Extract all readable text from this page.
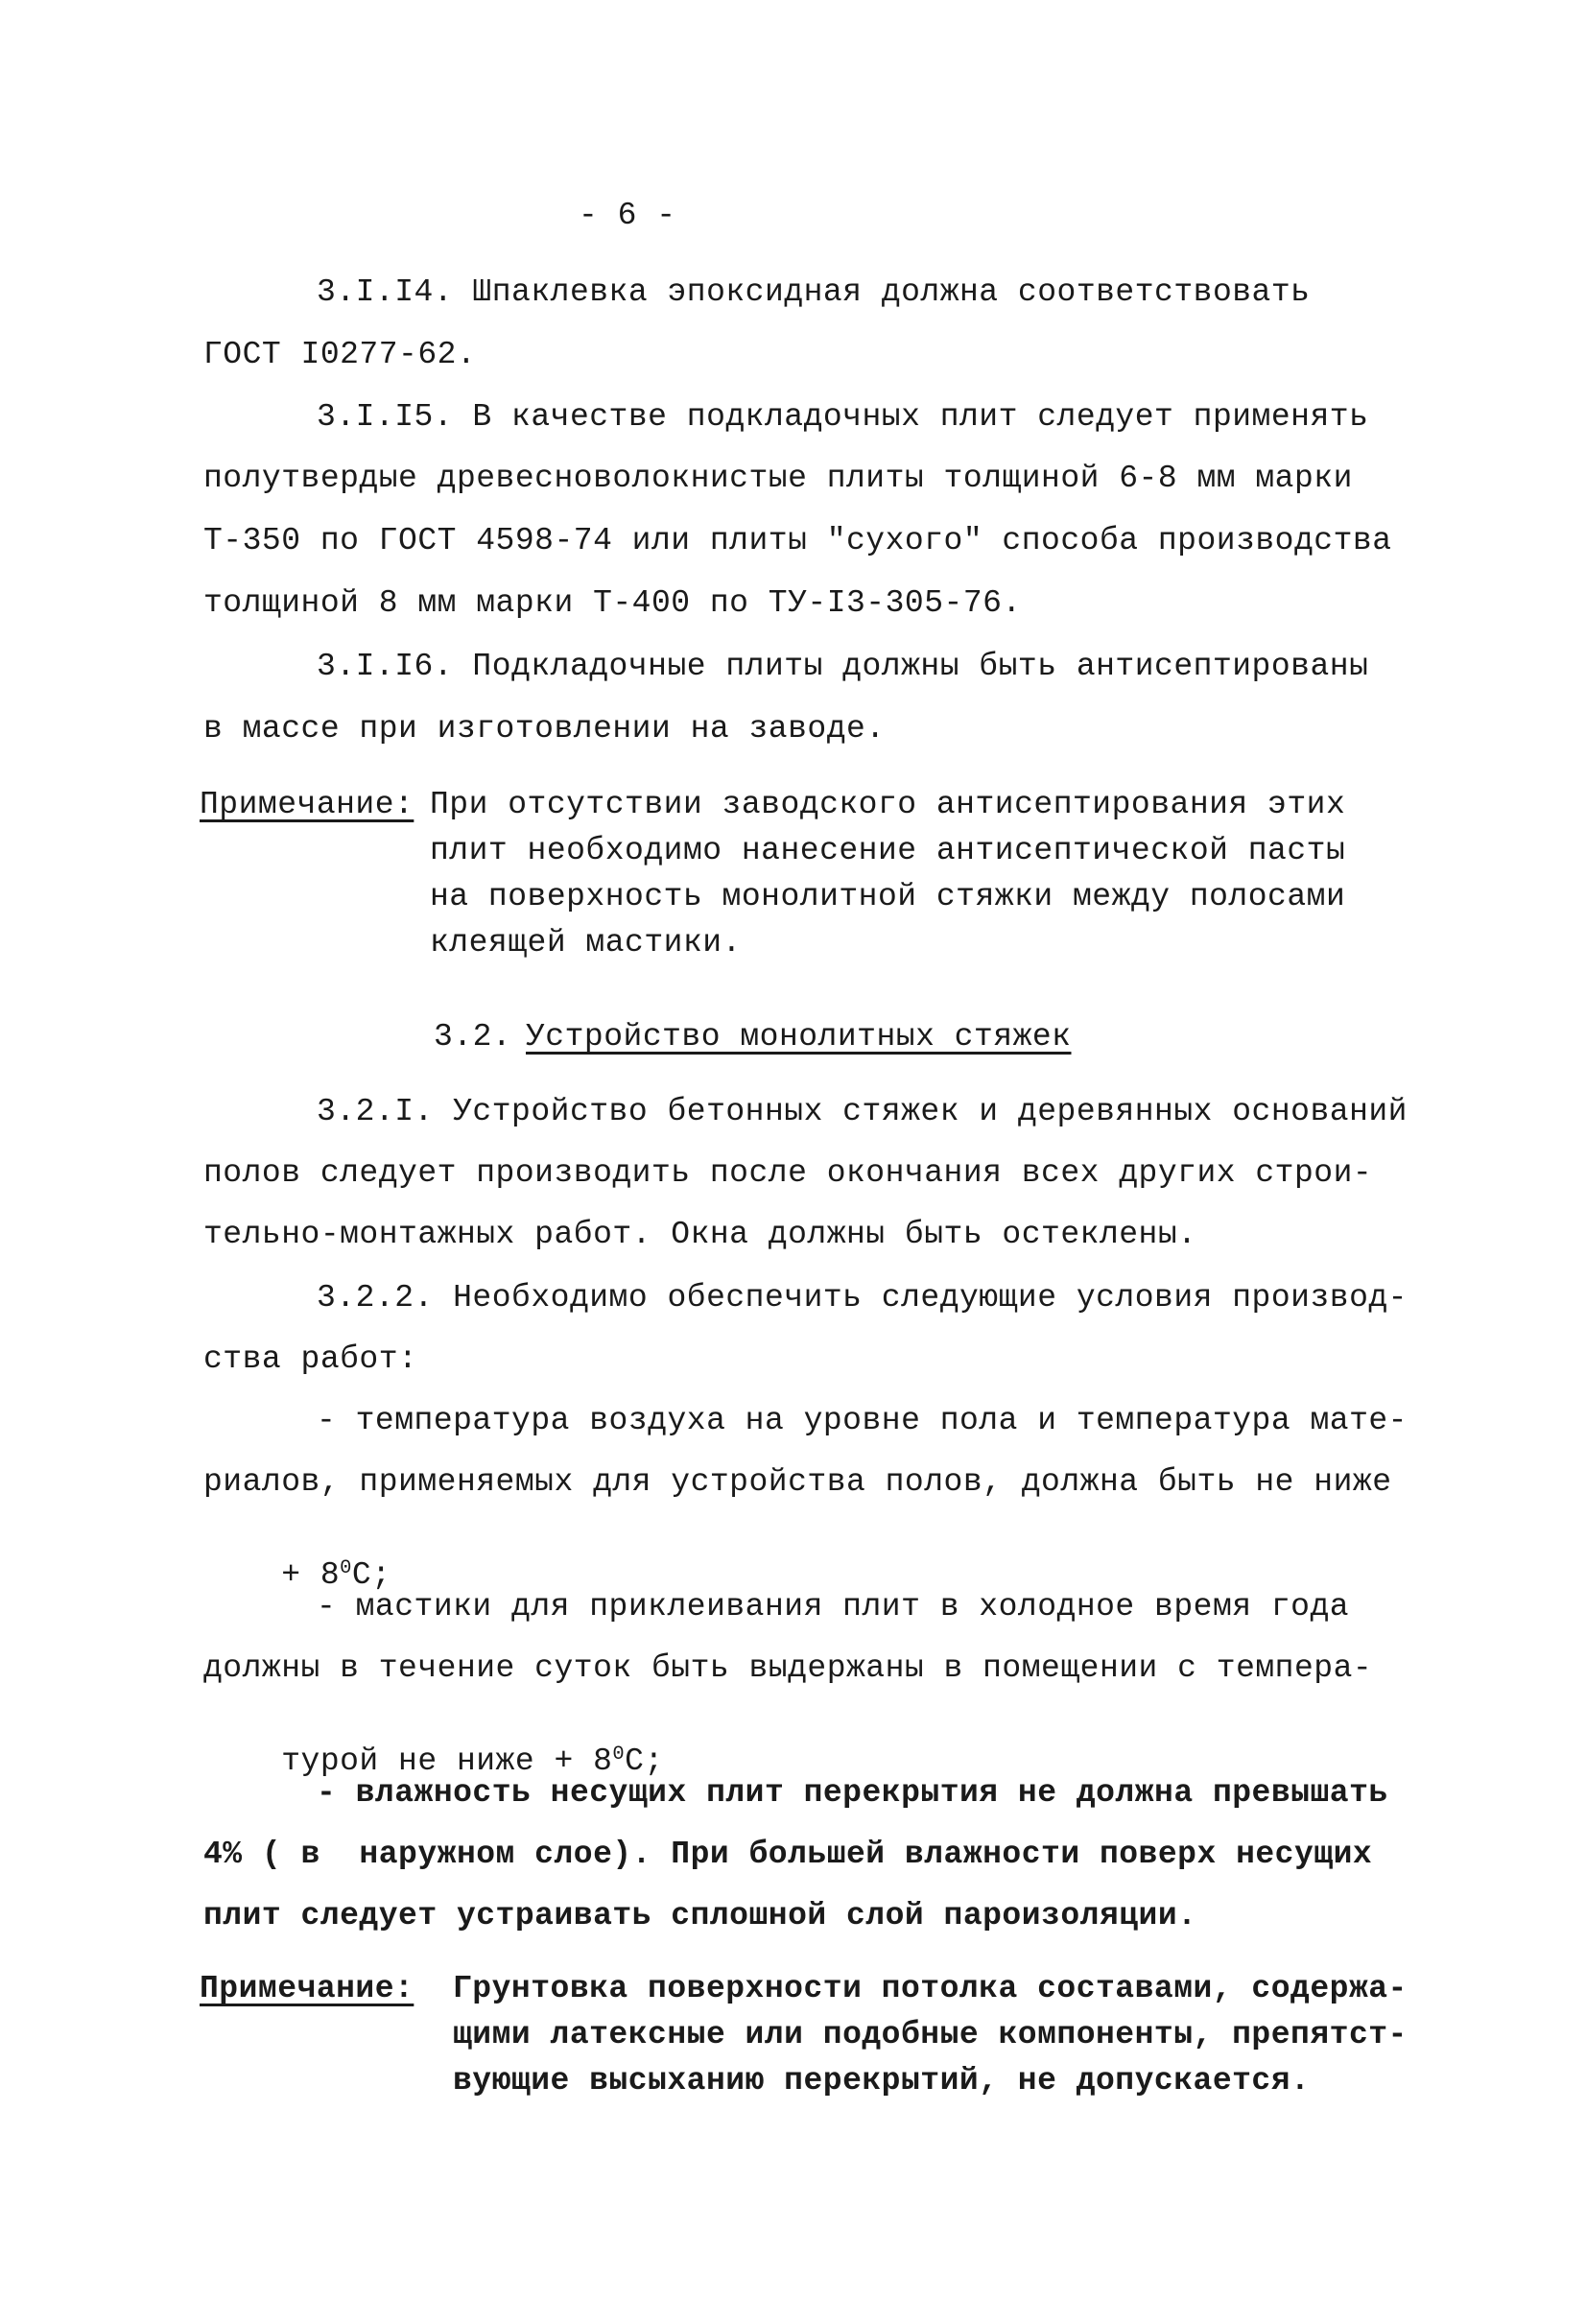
- 6 -
3.I.I4. Шпаклевка эпоксидная должна соответствовать
ГОСТ I0277-62.
3.I.I5. В качестве подкладочных плит следует применять
полутвердые древесноволокнистые плиты толщиной 6-8 мм марки
Т-350 по ГОСТ 4598-74 или плиты "сухого" способа производства
толщиной 8 мм марки Т-400 по ТУ-I3-305-76.
3.I.I6. Подкладочные плиты должны быть антисептированы
в массе при изготовлении на заводе.
Примечание: При отсутствии заводского антисептирования этих
плит необходимо нанесение антисептической пасты
на поверхность монолитной стяжки между полосами
клеящей мастики.
3.2. Устройство монолитных стяжек
3.2.I. Устройство бетонных стяжек и деревянных оснований
полов следует производить после окончания всех других строи-
тельно-монтажных работ. Окна должны быть остеклены.
3.2.2. Необходимо обеспечить следующие условия производ-
ства работ:
- температура воздуха на уровне пола и температура мате-
риалов, применяемых для устройства полов, должна быть не ниже

+ $8^0С$;

- мастики для приклеивания плит в холодное время года
должны в течение суток быть выдержаны в помещении с темпера-

турой не ниже + $8^0С$;

- влажность несущих плит перекрытия не должна превышать
4% ( в  наружном слое). При большей влажности поверх несущих
плит следует устраивать сплошной слой пароизоляции.
Примечание: Грунтовка поверхности потолка составами, содержа-
щими латексные или подобные компоненты, препятст-
вующие высыханию перекрытий, не допускается.
